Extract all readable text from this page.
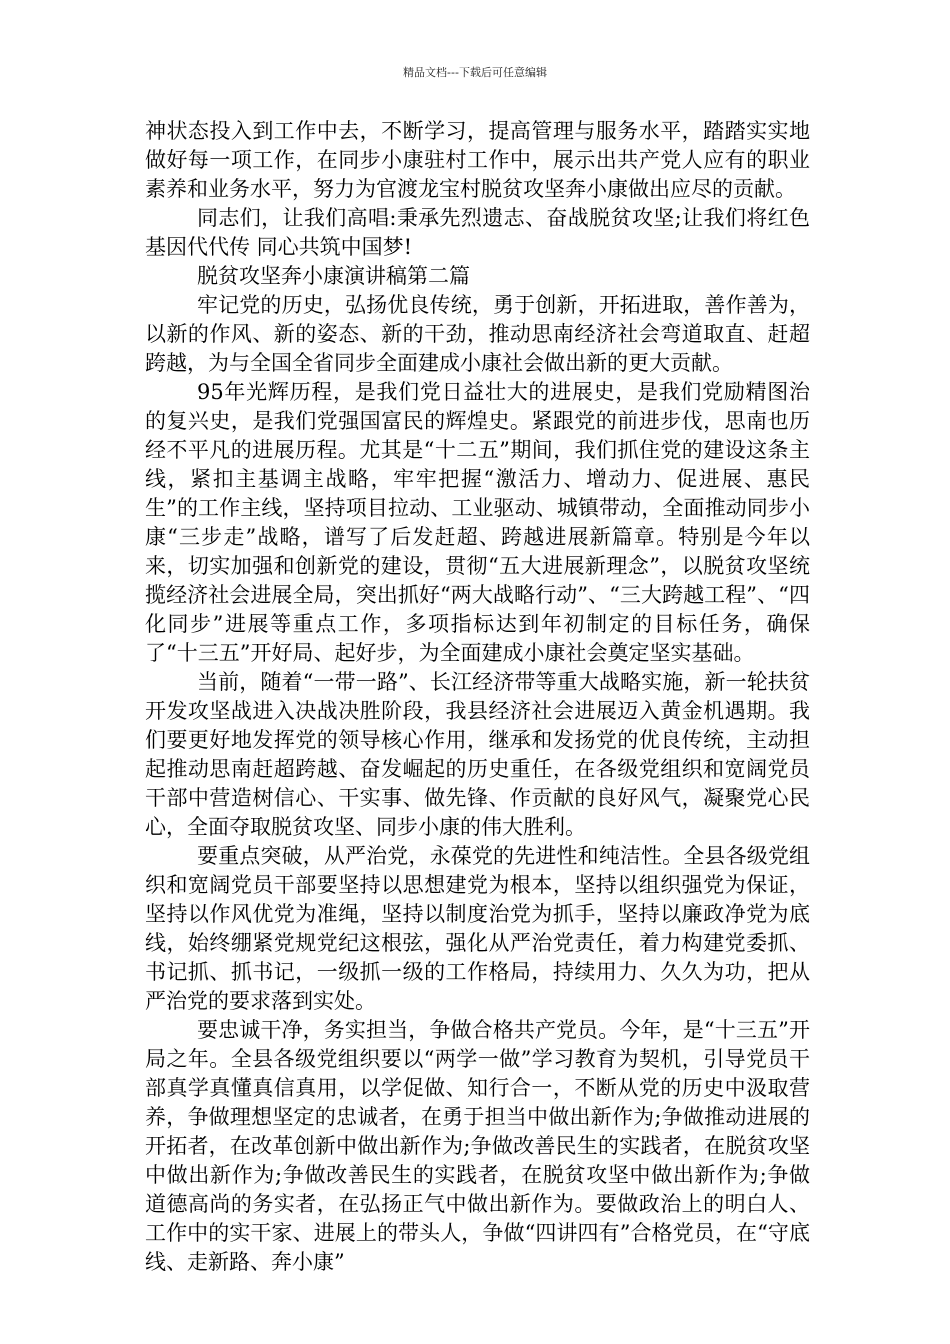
精品文档---下载后可任意编辑

神状态投入到工作中去，不断学习，提高管理与服务水平，踏踏实实地做好每一项工作，在同步小康驻村工作中，展示出共产党人应有的职业素养和业务水平，努力为官渡龙宝村脱贫攻坚奔小康做出应尽的贡献。

同志们，让我们高唱:秉承先烈遗志、奋战脱贫攻坚;让我们将红色基因代代传 同心共筑中国梦!

脱贫攻坚奔小康演讲稿第二篇

牢记党的历史，弘扬优良传统，勇于创新，开拓进取，善作善为，以新的作风、新的姿态、新的干劲，推动思南经济社会弯道取直、赶超跨越，为与全国全省同步全面建成小康社会做出新的更大贡献。

95年光辉历程，是我们党日益壮大的进展史，是我们党励精图治的复兴史，是我们党强国富民的辉煌史。紧跟党的前进步伐，思南也历经不平凡的进展历程。尤其是“十二五”期间，我们抓住党的建设这条主线，紧扣主基调主战略，牢牢把握“激活力、增动力、促进展、惠民生”的工作主线，坚持项目拉动、工业驱动、城镇带动，全面推动同步小康“三步走”战略，谱写了后发赶超、跨越进展新篇章。特别是今年以来，切实加强和创新党的建设，贯彻“五大进展新理念”，以脱贫攻坚统揽经济社会进展全局，突出抓好“两大战略行动”、“三大跨越工程”、“四化同步”进展等重点工作，多项指标达到年初制定的目标任务，确保了“十三五”开好局、起好步，为全面建成小康社会奠定坚实基础。

当前，随着“一带一路”、长江经济带等重大战略实施，新一轮扶贫开发攻坚战进入决战决胜阶段，我县经济社会进展迈入黄金机遇期。我们要更好地发挥党的领导核心作用，继承和发扬党的优良传统，主动担起推动思南赶超跨越、奋发崛起的历史重任，在各级党组织和宽阔党员干部中营造树信心、干实事、做先锋、作贡献的良好风气，凝聚党心民心，全面夺取脱贫攻坚、同步小康的伟大胜利。

要重点突破，从严治党，永葆党的先进性和纯洁性。全县各级党组织和宽阔党员干部要坚持以思想建党为根本，坚持以组织强党为保证，坚持以作风优党为准绳，坚持以制度治党为抓手，坚持以廉政净党为底线，始终绷紧党规党纪这根弦，强化从严治党责任，着力构建党委抓、书记抓、抓书记，一级抓一级的工作格局，持续用力、久久为功，把从严治党的要求落到实处。

要忠诚干净，务实担当，争做合格共产党员。今年，是“十三五”开局之年。全县各级党组织要以“两学一做”学习教育为契机，引导党员干部真学真懂真信真用，以学促做、知行合一，不断从党的历史中汲取营养，争做理想坚定的忠诚者，在勇于担当中做出新作为;争做推动进展的开拓者，在改革创新中做出新作为;争做改善民生的实践者，在脱贫攻坚中做出新作为;争做改善民生的实践者，在脱贫攻坚中做出新作为;争做道德高尚的务实者，在弘扬正气中做出新作为。要做政治上的明白人、工作中的实干家、进展上的带头人，争做“四讲四有”合格党员，在“守底线、走新路、奔小康”
